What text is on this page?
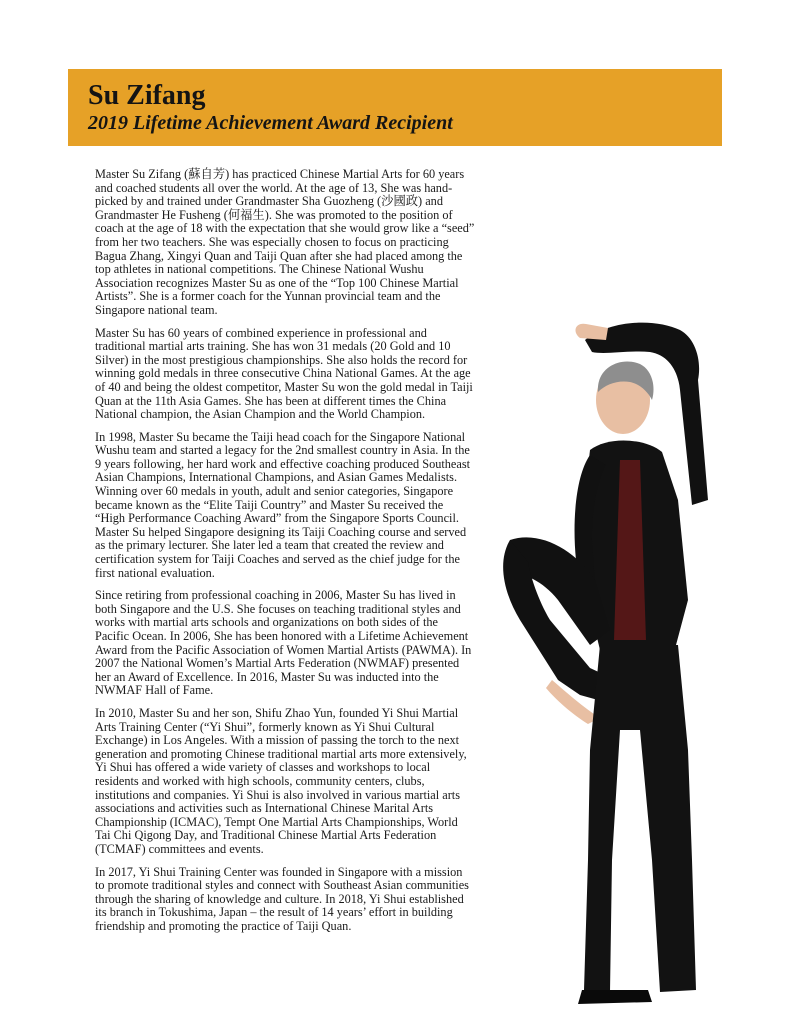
Su Zifang
2019 Lifetime Achievement Award Recipient

Master Su Zifang (蘇自芳) has practiced Chinese Martial Arts for 60 years and coached students all over the world. At the age of 13, She was hand-picked by and trained under Grandmaster Sha Guozheng (沙國政) and Grandmaster He Fusheng (何福生). She was promoted to the position of coach at the age of 18 with the expectation that she would grow like a “seed” from her two teachers. She was especially chosen to focus on practicing Bagua Zhang, Xingyi Quan and Taiji Quan after she had placed among the top athletes in national competitions. The Chinese National Wushu Association recognizes Master Su as one of the “Top 100 Chinese Martial Artists”. She is a former coach for the Yunnan provincial team and the Singapore national team.

Master Su has 60 years of combined experience in professional and traditional martial arts training. She has won 31 medals (20 Gold and 10 Silver) in the most prestigious championships. She also holds the record for winning gold medals in three consecutive China National Games. At the age of 40 and being the oldest competitor, Master Su won the gold medal in Taiji Quan at the 11th Asia Games. She has been at different times the China National champion, the Asian Champion and the World Champion.

In 1998, Master Su became the Taiji head coach for the Singapore National Wushu team and started a legacy for the 2nd smallest country in Asia. In the 9 years following, her hard work and effective coaching produced Southeast Asian Champions, International Champions, and Asian Games Medalists. Winning over 60 medals in youth, adult and senior categories, Singapore became known as the “Elite Taiji Country” and Master Su received the “High Performance Coaching Award” from the Singapore Sports Council. Master Su helped Singapore designing its Taiji Coaching course and served as the primary lecturer. She later led a team that created the review and certification system for Taiji Coaches and served as the chief judge for the first national evaluation.

Since retiring from professional coaching in 2006, Master Su has lived in both Singapore and the U.S. She focuses on teaching traditional styles and works with martial arts schools and organizations on both sides of the Pacific Ocean. In 2006, She has been honored with a Lifetime Achievement Award from the Pacific Association of Women Martial Artists (PAWMA). In 2007 the National Women’s Martial Arts Federation (NWMAF) presented her an Award of Excellence. In 2016, Master Su was inducted into the NWMAF Hall of Fame.

In 2010, Master Su and her son, Shifu Zhao Yun, founded Yi Shui Martial Arts Training Center (“Yi Shui”, formerly known as Yi Shui Cultural Exchange) in Los Angeles. With a mission of passing the torch to the next generation and promoting Chinese traditional martial arts more extensively, Yi Shui has offered a wide variety of classes and workshops to local residents and worked with high schools, community centers, clubs, institutions and companies. Yi Shui is also involved in various martial arts associations and activities such as International Chinese Marital Arts Championship (ICMAC), Tempt One Martial Arts Championships, World Tai Chi Qigong Day, and Traditional Chinese Martial Arts Federation (TCMAF) committees and events.

In 2017, Yi Shui Training Center was founded in Singapore with a mission to promote traditional styles and connect with Southeast Asian communities through the sharing of knowledge and culture. In 2018, Yi Shui established its branch in Tokushima, Japan – the result of 14 years’ effort in building friendship and promoting the practice of Taiji Quan.
